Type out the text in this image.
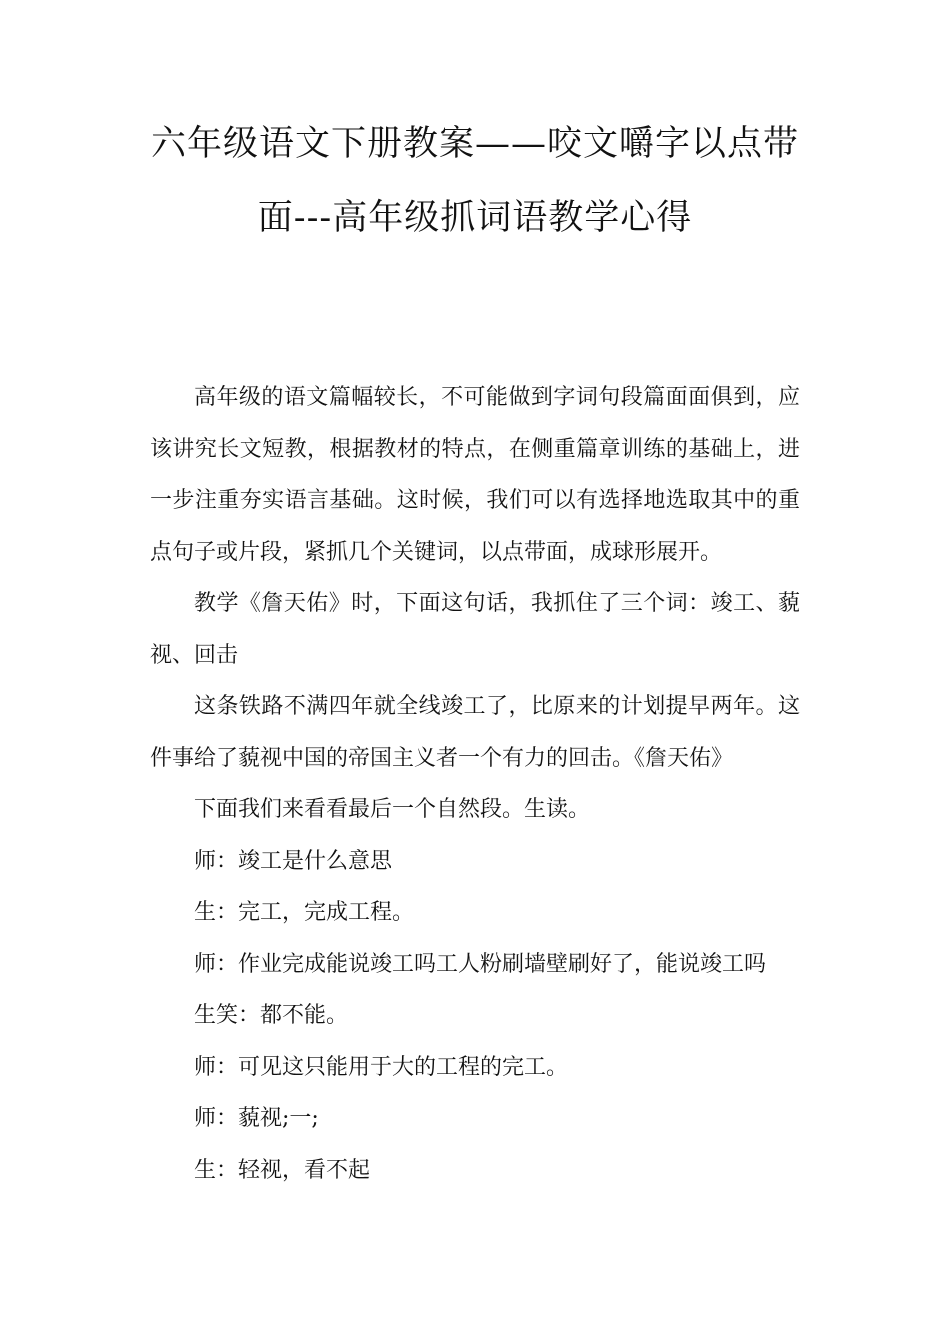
六年级语文下册教案——咬文嚼字以点带
面---高年级抓词语教学心得

高年级的语文篇幅较长，不可能做到字词句段篇面面俱到，应该讲究长文短教，根据教材的特点，在侧重篇章训练的基础上，进一步注重夯实语言基础。这时候，我们可以有选择地选取其中的重点句子或片段，紧抓几个关键词，以点带面，成球形展开。

教学《詹天佑》时，下面这句话，我抓住了三个词：竣工、藐视、回击

这条铁路不满四年就全线竣工了，比原来的计划提早两年。这件事给了藐视中国的帝国主义者一个有力的回击。《詹天佑》

下面我们来看看最后一个自然段。生读。

师：竣工是什么意思

生：完工，完成工程。

师：作业完成能说竣工吗工人粉刷墙壁刷好了，能说竣工吗

生笑：都不能。

师：可见这只能用于大的工程的完工。

师：藐视;一;

生：轻视，看不起
